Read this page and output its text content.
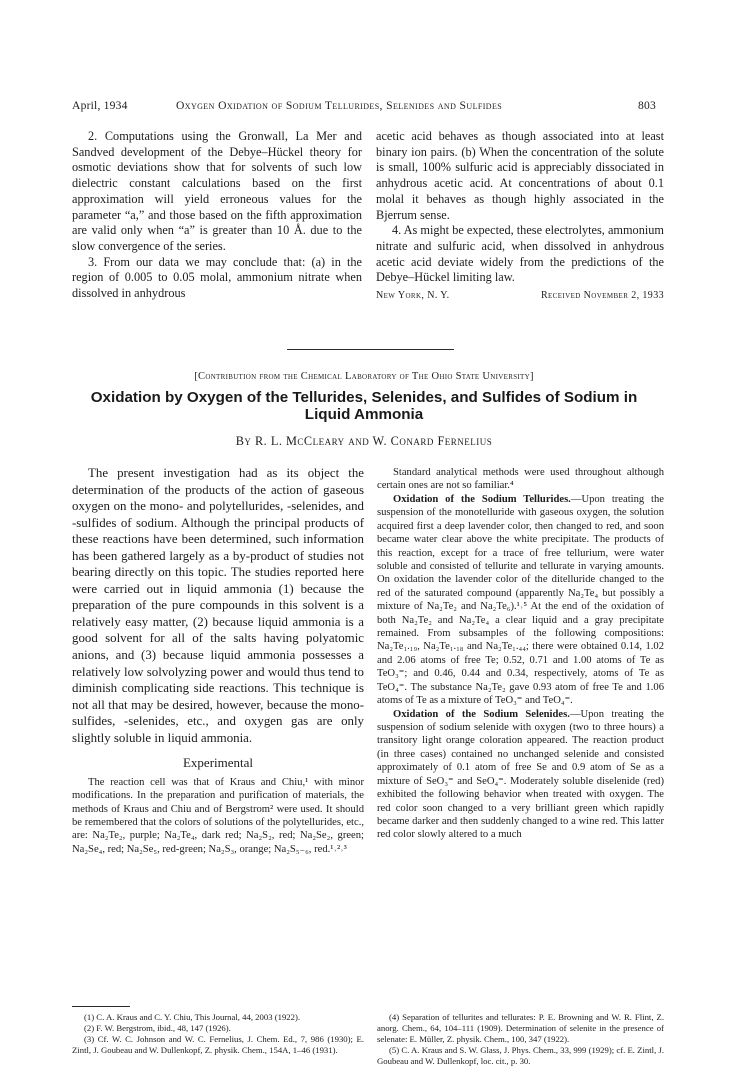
April, 1934	Oxygen Oxidation of Sodium Tellurides, Selenides and Sulfides	803

2. Computations using the Gronwall, La Mer and Sandved development of the Debye–Hückel theory for osmotic deviations show that for solvents of such low dielectric constant calculations based on the first approximation will yield erroneous values for the parameter “a,” and those based on the fifth approximation are valid only when “a” is greater than 10 Å. due to the slow convergence of the series.

3. From our data we may conclude that: (a) in the region of 0.005 to 0.05 molal, ammonium nitrate when dissolved in anhydrous

acetic acid behaves as though associated into at least binary ion pairs. (b) When the concentration of the solute is small, 100% sulfuric acid is appreciably dissociated in anhydrous acetic acid. At concentrations of about 0.1 molal it behaves as though highly associated in the Bjerrum sense.

4. As might be expected, these electrolytes, ammonium nitrate and sulfuric acid, when dissolved in anhydrous acetic acid deviate widely from the predictions of the Debye–Hückel limiting law.

New York, N. Y.	Received November 2, 1933
[Contribution from the Chemical Laboratory of The Ohio State University]
Oxidation by Oxygen of the Tellurides, Selenides, and Sulfides of Sodium in Liquid Ammonia
By R. L. McCleary and W. Conard Fernelius

The present investigation had as its object the determination of the products of the action of gaseous oxygen on the mono- and polytellurides, -selenides, and -sulfides of sodium. Although the principal products of these reactions have been determined, such information has been gathered largely as a by-product of studies not bearing directly on this topic. The studies reported here were carried out in liquid ammonia (1) because the preparation of the pure compounds in this solvent is a relatively easy matter, (2) because liquid ammonia is a good solvent for all of the salts having polyatomic anions, and (3) because liquid ammonia possesses a relatively low solvolyzing power and would thus tend to diminish complicating side reactions. This technique is not all that may be desired, however, because the mono-sulfides, -selenides, etc., and oxygen gas are only slightly soluble in liquid ammonia.

Experimental

The reaction cell was that of Kraus and Chiu,¹ with minor modifications. In the preparation and purification of materials, the methods of Kraus and Chiu and of Bergstrom² were used. It should be remembered that the colors of solutions of the polytellurides, etc., are: Na₂Te₂, purple; Na₂Te₄, dark red; Na₂S₂, red; Na₂Se₂, green; Na₂Se₄, red; Na₂Se₅, red-green; Na₂S₃, orange; Na₂S₅₋₆, red.¹˒²˒³

Standard analytical methods were used throughout although certain ones are not so familiar.⁴

Oxidation of the Sodium Tellurides.—Upon treating the suspension of the monotelluride with gaseous oxygen, the solution acquired first a deep lavender color, then changed to red, and soon became water clear above the white precipitate. The products of this reaction, except for a trace of free tellurium, were water soluble and consisted of tellurite and tellurate in varying amounts. On oxidation the lavender color of the ditelluride changed to the red of the saturated compound (apparently Na₂Te₄ but possibly a mixture of Na₂Te₂ and Na₂Te₆).¹˒⁵ At the end of the oxidation of both Na₂Te₂ and Na₂Te₄ a clear liquid and a gray precipitate remained. From subsamples of the following compositions: Na₂Te₁.₁₉, Na₂Te₁.₁₈ and Na₂Te₁.₄₄; there were obtained 0.14, 1.02 and 2.06 atoms of free Te; 0.52, 0.71 and 1.00 atoms of Te as TeO₃⁼; and 0.46, 0.44 and 0.34, respectively, atoms of Te as TeO₄⁼. The substance Na₂Te₂ gave 0.93 atom of free Te and 1.06 atoms of Te as a mixture of TeO₃⁼ and TeO₄⁼.

Oxidation of the Sodium Selenides.—Upon treating the suspension of sodium selenide with oxygen (two to three hours) a transitory light orange coloration appeared. The reaction product (in three cases) contained no unchanged selenide and consisted approximately of 0.1 atom of free Se and 0.9 atom of Se as a mixture of SeO₃⁼ and SeO₄⁼. Moderately soluble diselenide (red) exhibited the following behavior when treated with oxygen. The red color soon changed to a very brilliant green which rapidly became darker and then suddenly changed to a wine red. This latter red color slowly altered to a much

(1) C. A. Kraus and C. Y. Chiu, This Journal, 44, 2003 (1922).

(2) F. W. Bergstrom, ibid., 48, 147 (1926).

(3) Cf. W. C. Johnson and W. C. Fernelius, J. Chem. Ed., 7, 986 (1930); E. Zintl, J. Goubeau and W. Dullenkopf, Z. physik. Chem., 154A, 1–46 (1931).

(4) Separation of tellurites and tellurates: P. E. Browning and W. R. Flint, Z. anorg. Chem., 64, 104–111 (1909). Determination of selenite in the presence of selenate: E. Müller, Z. physik. Chem., 100, 347 (1922).

(5) C. A. Kraus and S. W. Glass, J. Phys. Chem., 33, 999 (1929); cf. E. Zintl, J. Goubeau and W. Dullenkopf, loc. cit., p. 30.
